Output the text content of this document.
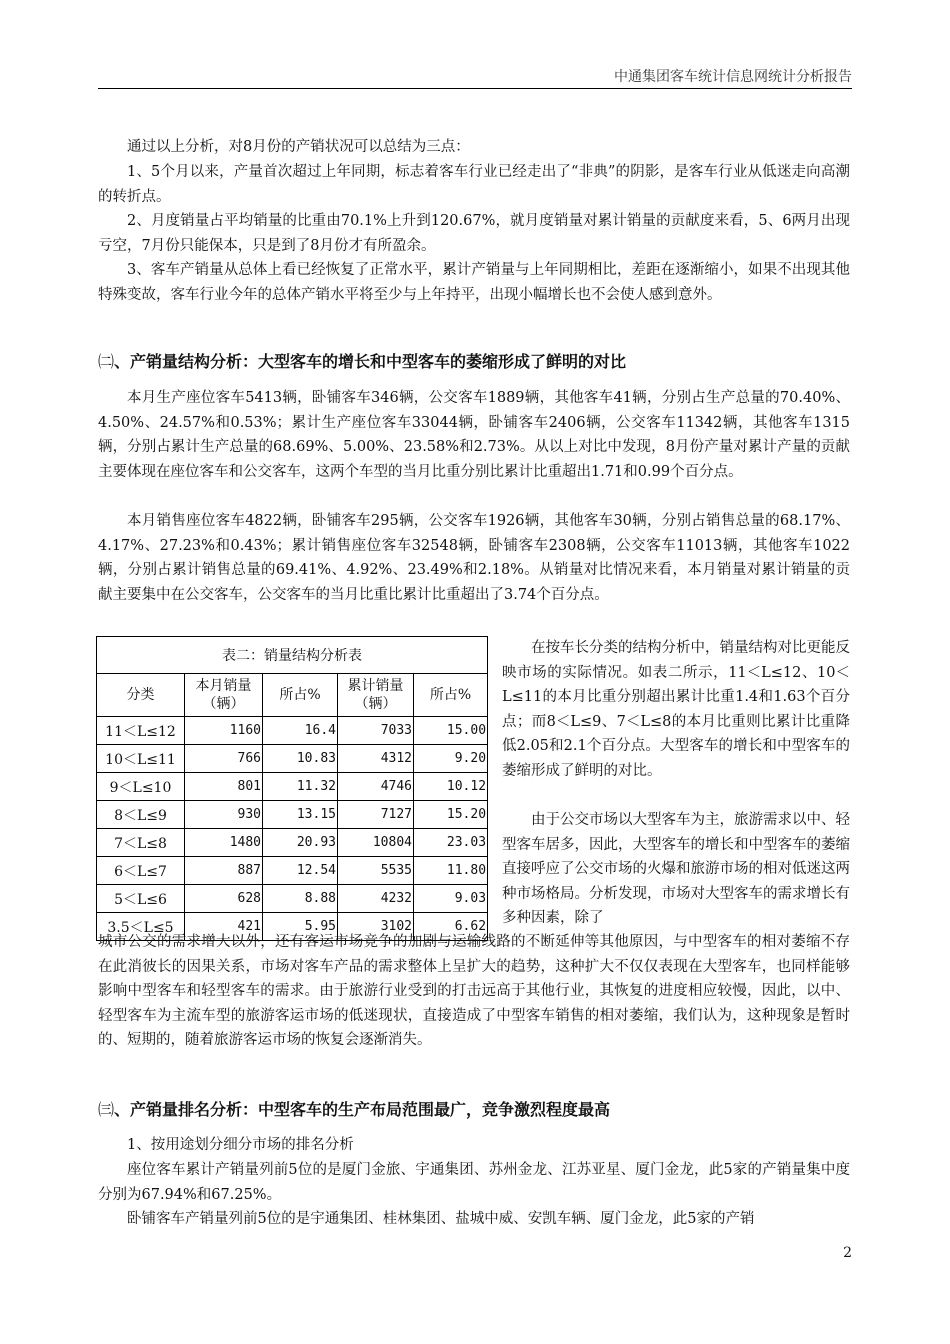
中通集团客车统计信息网统计分析报告

通过以上分析，对8月份的产销状况可以总结为三点：

1、5个月以来，产量首次超过上年同期，标志着客车行业已经走出了“非典”的阴影，是客车行业从低迷走向高潮的转折点。

2、月度销量占平均销量的比重由70.1%上升到120.67%，就月度销量对累计销量的贡献度来看，5、6两月出现亏空，7月份只能保本，只是到了8月份才有所盈余。

3、客车产销量从总体上看已经恢复了正常水平，累计产销量与上年同期相比，差距在逐渐缩小，如果不出现其他特殊变故，客车行业今年的总体产销水平将至少与上年持平，出现小幅增长也不会使人感到意外。

㈡、产销量结构分析：大型客车的增长和中型客车的萎缩形成了鲜明的对比

本月生产座位客车5413辆，卧铺客车346辆，公交客车1889辆，其他客车41辆，分别占生产总量的70.40%、4.50%、24.57%和0.53%；累计生产座位客车33044辆，卧铺客车2406辆，公交客车11342辆，其他客车1315辆，分别占累计生产总量的68.69%、5.00%、23.58%和2.73%。从以上对比中发现，8月份产量对累计产量的贡献主要体现在座位客车和公交客车，这两个车型的当月比重分别比累计比重超出1.71和0.99个百分点。

本月销售座位客车4822辆，卧铺客车295辆，公交客车1926辆，其他客车30辆，分别占销售总量的68.17%、4.17%、27.23%和0.43%；累计销售座位客车32548辆，卧铺客车2308辆，公交客车11013辆，其他客车1022辆，分别占累计销售总量的69.41%、4.92%、23.49%和2.18%。从销量对比情况来看，本月销量对累计销量的贡献主要集中在公交客车，公交客车的当月比重比累计比重超出了3.74个百分点。

表二：销量结构分析表				
分类	本月销量（辆）	所占%	累计销量（辆）	所占%
11＜L≤12	1160	16.4	7033	15.00
10＜L≤11	766	10.83	4312	9.20
9＜L≤10	801	11.32	4746	10.12
8＜L≤9	930	13.15	7127	15.20
7＜L≤8	1480	20.93	10804	23.03
6＜L≤7	887	12.54	5535	11.80
5＜L≤6	628	8.88	4232	9.03
3.5＜L≤5	421	5.95	3102	6.62

在按车长分类的结构分析中，销量结构对比更能反映市场的实际情况。如表二所示，11＜L≤12、10＜L≤11的本月比重分别超出累计比重1.4和1.63个百分点；而8＜L≤9、7＜L≤8的本月比重则比累计比重降低2.05和2.1个百分点。大型客车的增长和中型客车的萎缩形成了鲜明的对比。

由于公交市场以大型客车为主，旅游需求以中、轻型客车居多，因此，大型客车的增长和中型客车的萎缩直接呼应了公交市场的火爆和旅游市场的相对低迷这两种市场格局。分析发现，市场对大型客车的需求增长有多种因素，除了

城市公交的需求增大以外，还有客运市场竞争的加剧与运输线路的不断延伸等其他原因，与中型客车的相对萎缩不存在此消彼长的因果关系，市场对客车产品的需求整体上呈扩大的趋势，这种扩大不仅仅表现在大型客车，也同样能够影响中型客车和轻型客车的需求。由于旅游行业受到的打击远高于其他行业，其恢复的进度相应较慢，因此，以中、轻型客车为主流车型的旅游客运市场的低迷现状，直接造成了中型客车销售的相对萎缩，我们认为，这种现象是暂时的、短期的，随着旅游客运市场的恢复会逐渐消失。

㈢、产销量排名分析：中型客车的生产布局范围最广，竞争激烈程度最高

1、按用途划分细分市场的排名分析

座位客车累计产销量列前5位的是厦门金旅、宇通集团、苏州金龙、江苏亚星、厦门金龙，此5家的产销量集中度分别为67.94%和67.25%。

卧铺客车产销量列前5位的是宇通集团、桂林集团、盐城中威、安凯车辆、厦门金龙，此5家的产销

2
